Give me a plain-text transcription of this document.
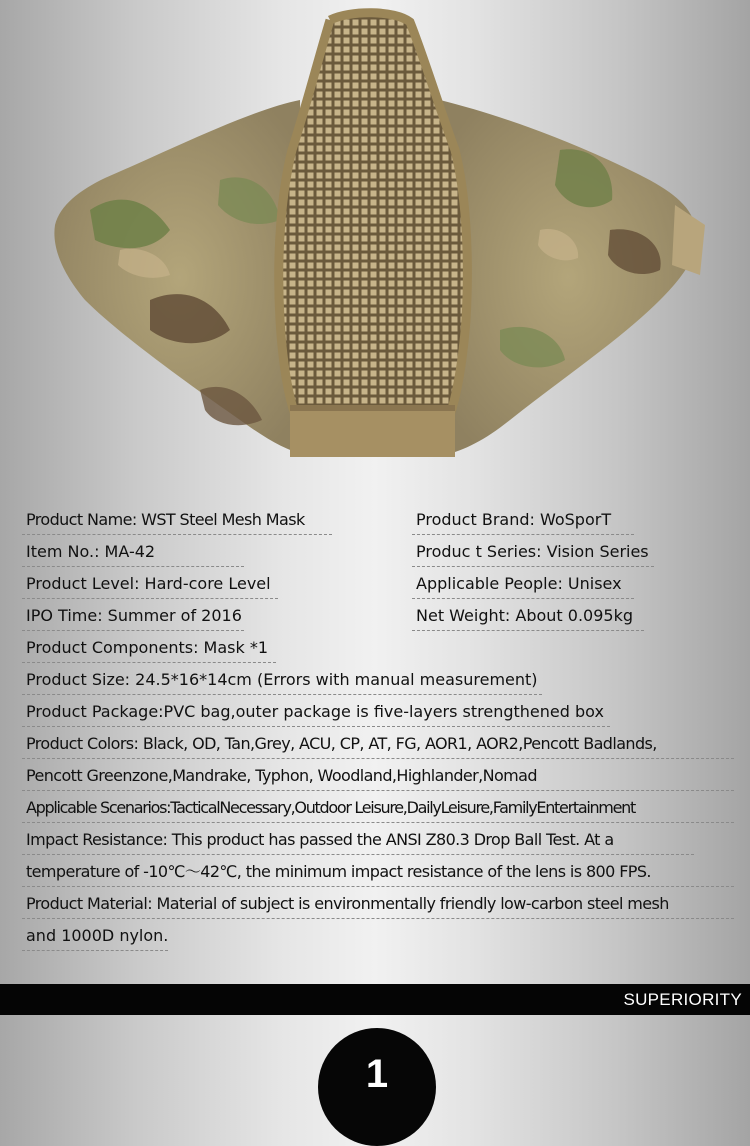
Product Name: WST Steel Mesh Mask	Product Brand: WoSporT
Item No.: MA-42	Produc t Series: Vision Series
Product Level: Hard-core Level	Applicable People: Unisex
IPO Time: Summer of 2016	Net Weight: About 0.095kg
Product Components: Mask *1
Product Size: 24.5*16*14cm (Errors with manual measurement)
Product Package:PVC bag,outer package is five-layers strengthened box
Product Colors: Black, OD, Tan,Grey, ACU, CP, AT, FG, AOR1, AOR2,Pencott Badlands,
Pencott Greenzone,Mandrake, Typhon, Woodland,Highlander,Nomad
Applicable Scenarios:TacticalNecessary,Outdoor Leisure,DailyLeisure,FamilyEntertainment
Impact Resistance: This product has passed the ANSI Z80.3 Drop Ball Test. At a
temperature of -10℃～42℃, the minimum impact resistance of the lens is 800 FPS.
Product Material: Material of subject is environmentally friendly low-carbon steel mesh
and 1000D nylon.
SUPERIORITY
1
